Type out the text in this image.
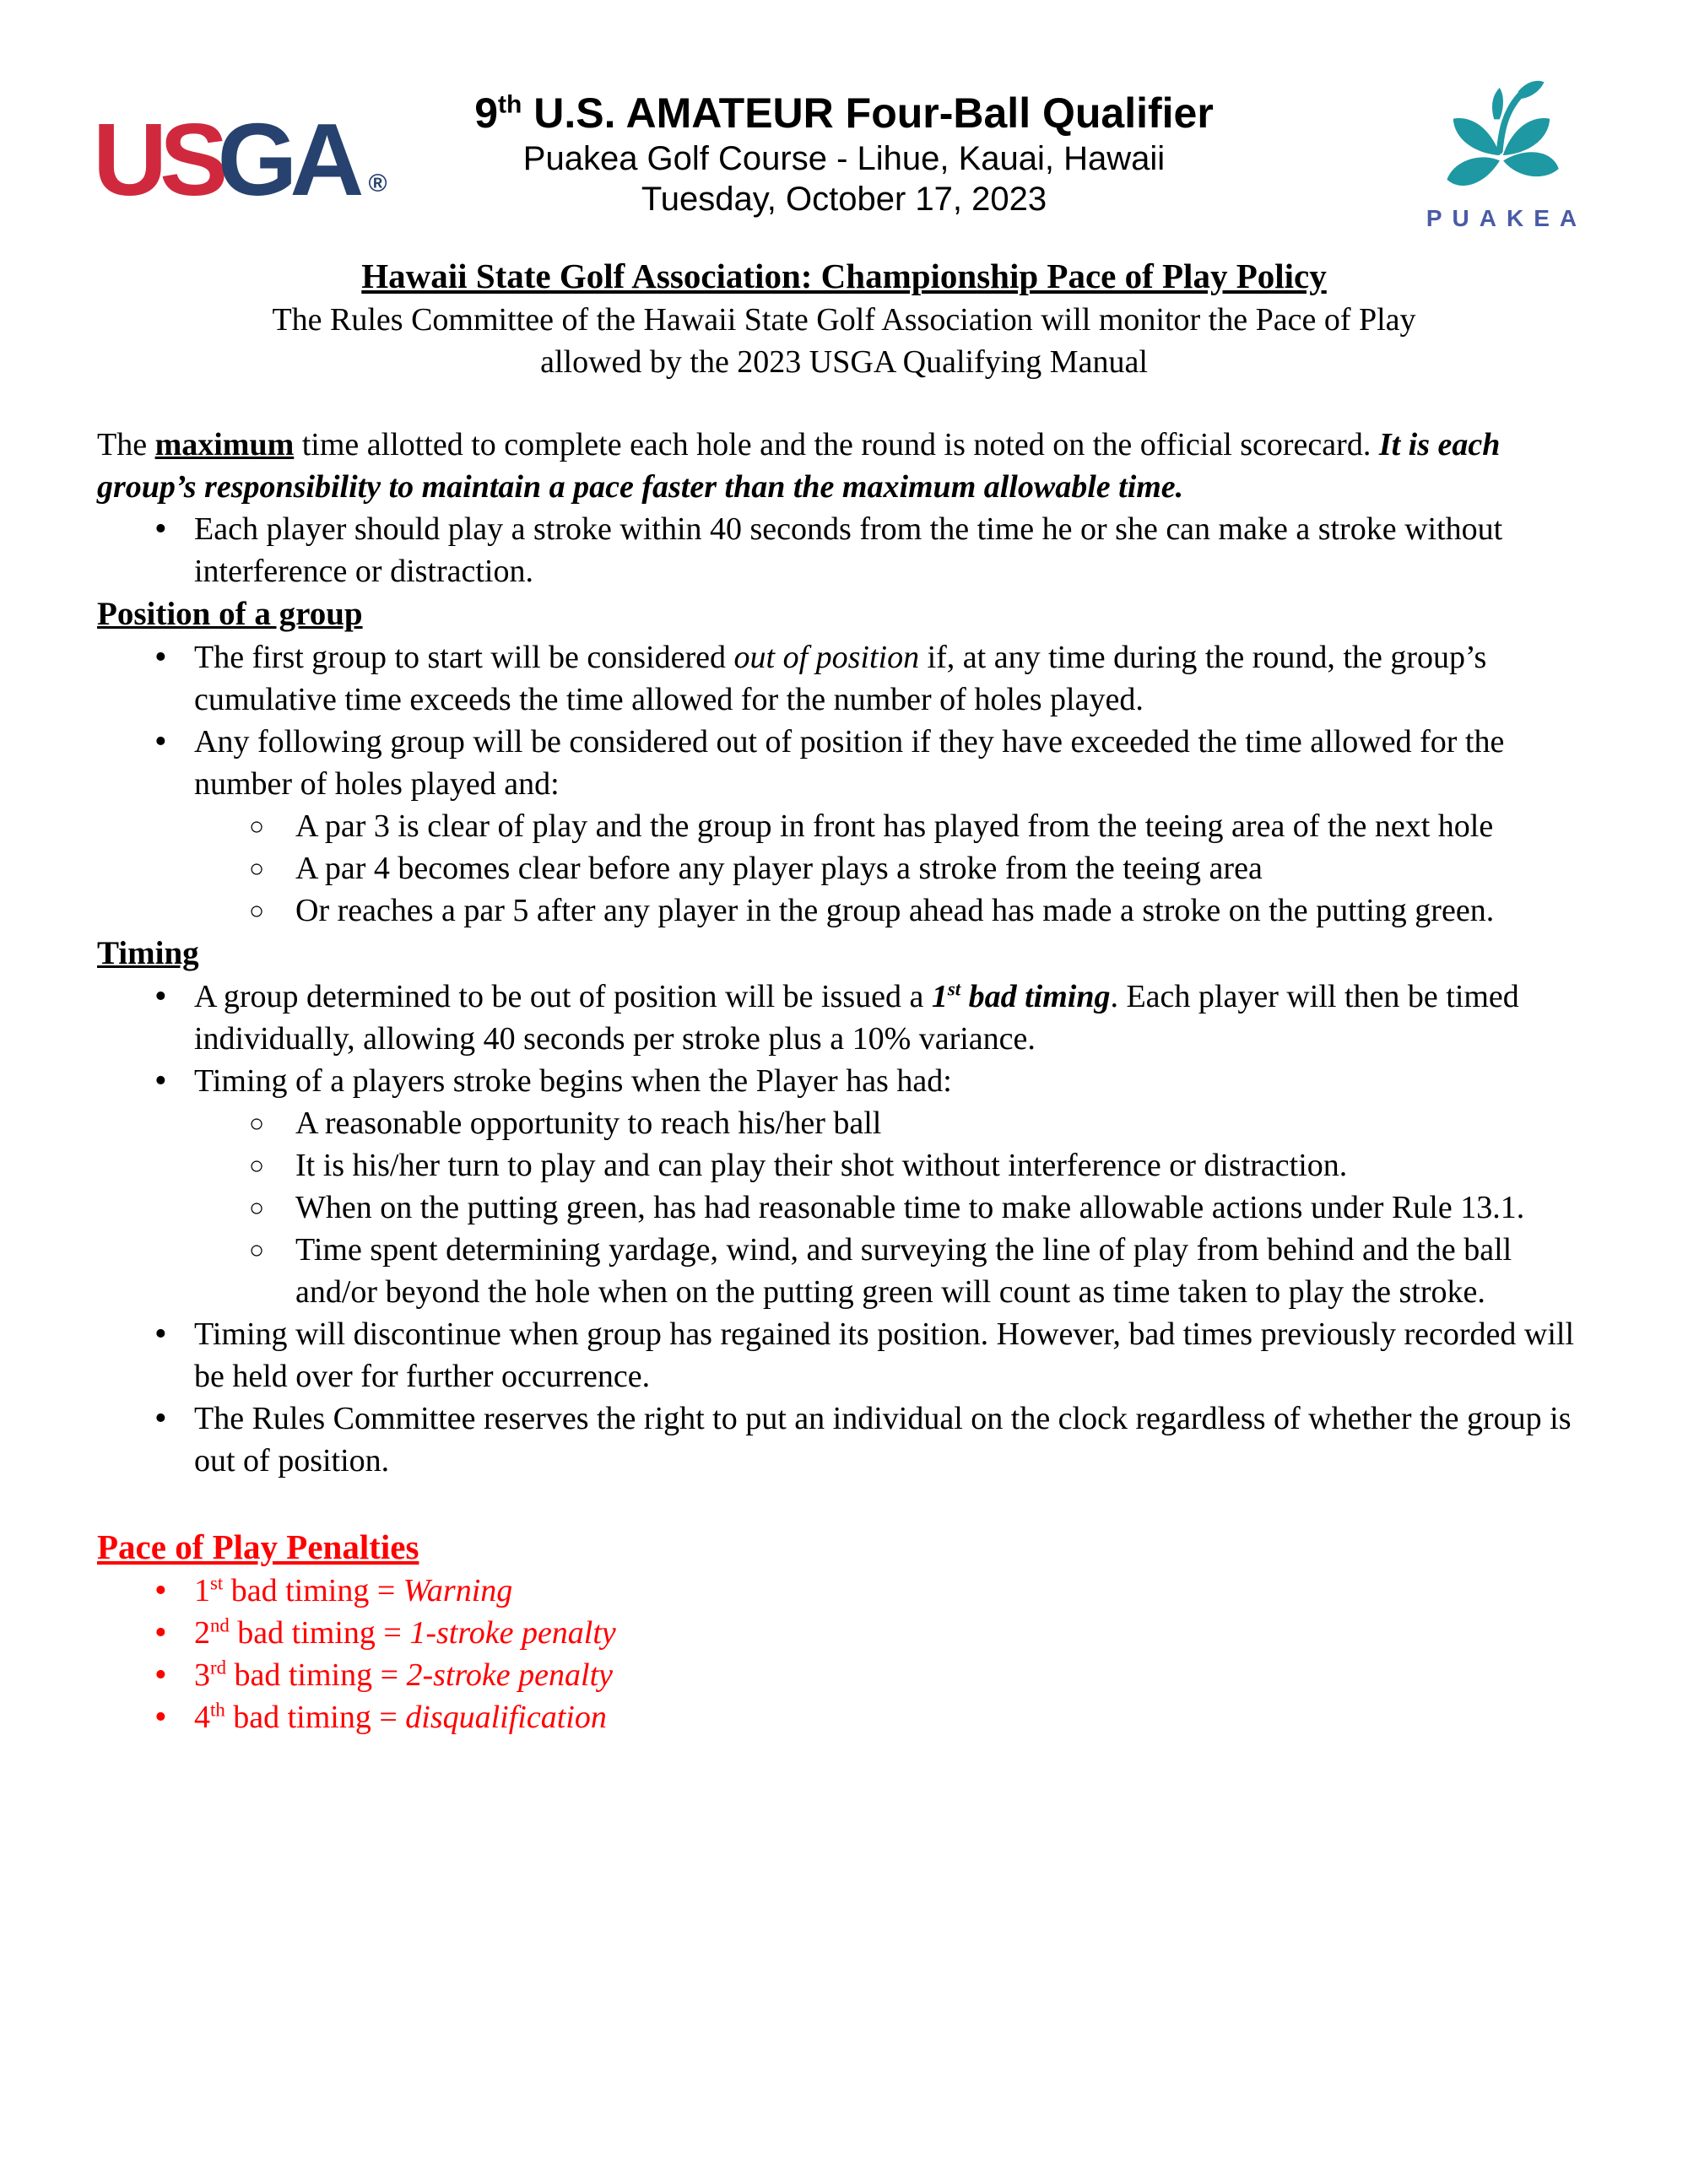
USGA ®
9th U.S. AMATEUR Four-Ball Qualifier
Puakea Golf Course - Lihue, Kauai, Hawaii
Tuesday, October 17, 2023
PUAKEA
Hawaii State Golf Association: Championship Pace of Play Policy

The Rules Committee of the Hawaii State Golf Association will monitor the Pace of Play

allowed by the 2023 USGA Qualifying Manual

The maximum time allotted to complete each hole and the round is noted on the official scorecard. It is each group’s responsibility to maintain a pace faster than the maximum allowable time.

• Each player should play a stroke within 40 seconds from the time he or she can make a stroke without interference or distraction.
Position of a group
• The first group to start will be considered out of position if, at any time during the round, the group’s cumulative time exceeds the time allowed for the number of holes played.
• Any following group will be considered out of position if they have exceeded the time allowed for the number of holes played and:
○ A par 3 is clear of play and the group in front has played from the teeing area of the next hole
○ A par 4 becomes clear before any player plays a stroke from the teeing area
○ Or reaches a par 5 after any player in the group ahead has made a stroke on the putting green.
Timing
• A group determined to be out of position will be issued a 1st bad timing. Each player will then be timed individually, allowing 40 seconds per stroke plus a 10% variance.
• Timing of a players stroke begins when the Player has had:
○ A reasonable opportunity to reach his/her ball
○ It is his/her turn to play and can play their shot without interference or distraction.
○ When on the putting green, has had reasonable time to make allowable actions under Rule 13.1.
○ Time spent determining yardage, wind, and surveying the line of play from behind and the ball and/or beyond the hole when on the putting green will count as time taken to play the stroke.
• Timing will discontinue when group has regained its position. However, bad times previously recorded will be held over for further occurrence.
• The Rules Committee reserves the right to put an individual on the clock regardless of whether the group is out of position.
Pace of Play Penalties
• 1st bad timing = Warning
• 2nd bad timing = 1-stroke penalty
• 3rd bad timing = 2-stroke penalty
• 4th bad timing = disqualification
